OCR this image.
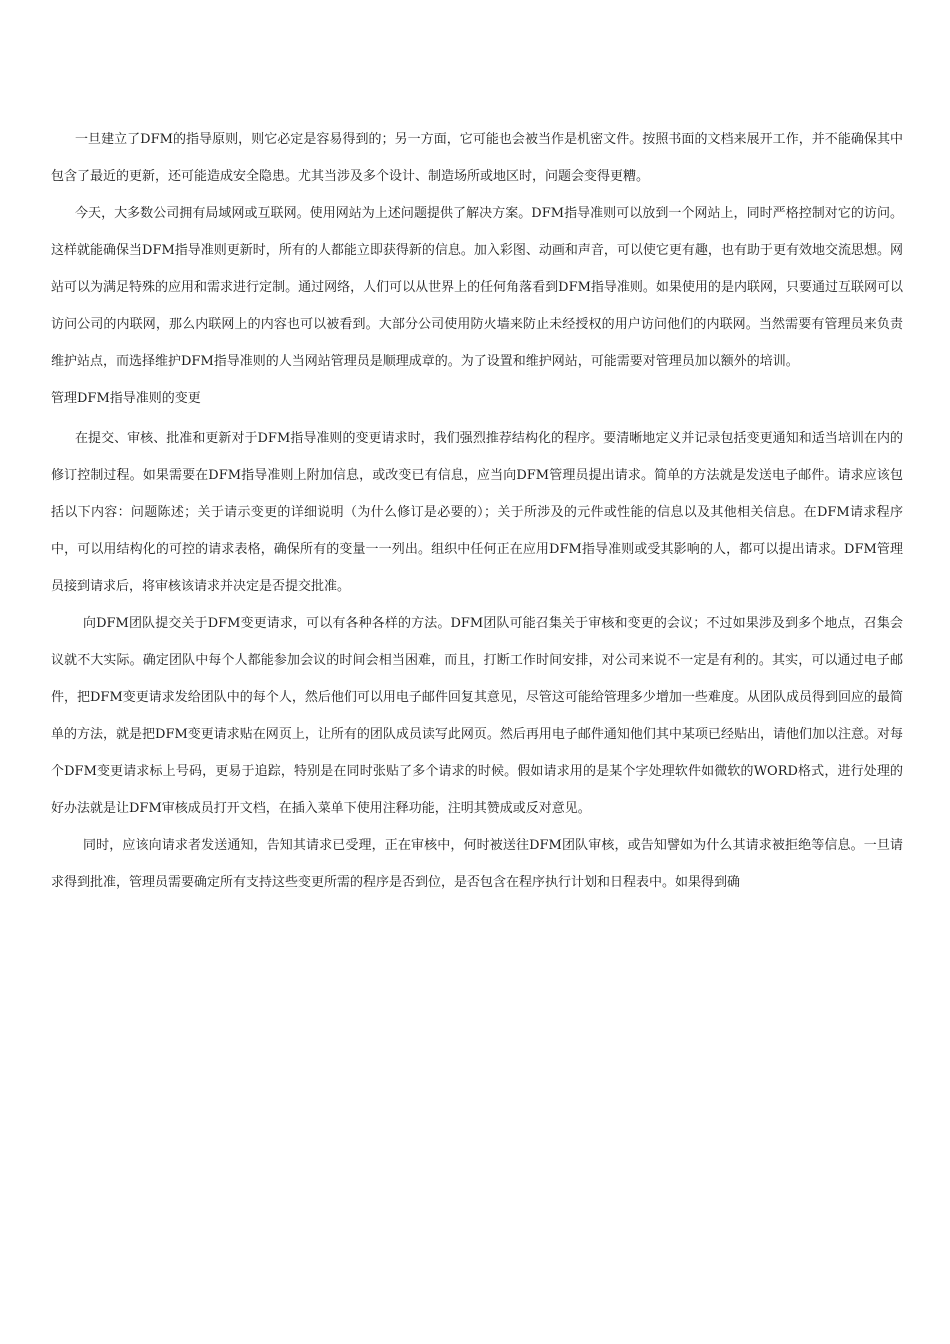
一旦建立了DFM的指导原则，则它必定是容易得到的；另一方面，它可能也会被当作是机密文件。按照书面的文档来展开工作，并不能确保其中包含了最近的更新，还可能造成安全隐患。尤其当涉及多个设计、制造场所或地区时，问题会变得更糟。

今天，大多数公司拥有局域网或互联网。使用网站为上述问题提供了解决方案。DFM指导准则可以放到一个网站上，同时严格控制对它的访问。这样就能确保当DFM指导准则更新时，所有的人都能立即获得新的信息。加入彩图、动画和声音，可以使它更有趣，也有助于更有效地交流思想。网站可以为满足特殊的应用和需求进行定制。通过网络，人们可以从世界上的任何角落看到DFM指导准则。如果使用的是内联网，只要通过互联网可以访问公司的内联网，那么内联网上的内容也可以被看到。大部分公司使用防火墙来防止未经授权的用户访问他们的内联网。当然需要有管理员来负责维护站点，而选择维护DFM指导准则的人当网站管理员是顺理成章的。为了设置和维护网站，可能需要对管理员加以额外的培训。

管理DFM指导准则的变更

在提交、审核、批准和更新对于DFM指导准则的变更请求时，我们强烈推荐结构化的程序。要清晰地定义并记录包括变更通知和适当培训在内的修订控制过程。如果需要在DFM指导准则上附加信息，或改变已有信息，应当向DFM管理员提出请求。简单的方法就是发送电子邮件。请求应该包括以下内容：问题陈述；关于请示变更的详细说明（为什么修订是必要的）；关于所涉及的元件或性能的信息以及其他相关信息。在DFM请求程序中，可以用结构化的可控的请求表格，确保所有的变量一一列出。组织中任何正在应用DFM指导准则或受其影响的人，都可以提出请求。DFM管理员接到请求后，将审核该请求并决定是否提交批准。

向DFM团队提交关于DFM变更请求，可以有各种各样的方法。DFM团队可能召集关于审核和变更的会议；不过如果涉及到多个地点，召集会议就不大实际。确定团队中每个人都能参加会议的时间会相当困难，而且，打断工作时间安排，对公司来说不一定是有利的。其实，可以通过电子邮件，把DFM变更请求发给团队中的每个人，然后他们可以用电子邮件回复其意见，尽管这可能给管理多少增加一些难度。从团队成员得到回应的最简单的方法，就是把DFM变更请求贴在网页上，让所有的团队成员读写此网页。然后再用电子邮件通知他们其中某项已经贴出，请他们加以注意。对每个DFM变更请求标上号码，更易于追踪，特别是在同时张贴了多个请求的时候。假如请求用的是某个字处理软件如微软的WORD格式，进行处理的好办法就是让DFM审核成员打开文档，在插入菜单下使用注释功能，注明其赞成或反对意见。

同时，应该向请求者发送通知，告知其请求已受理，正在审核中，何时被送往DFM团队审核，或告知譬如为什么其请求被拒绝等信息。一旦请求得到批准，管理员需要确定所有支持这些变更所需的程序是否到位，是否包含在程序执行计划和日程表中。如果得到确
